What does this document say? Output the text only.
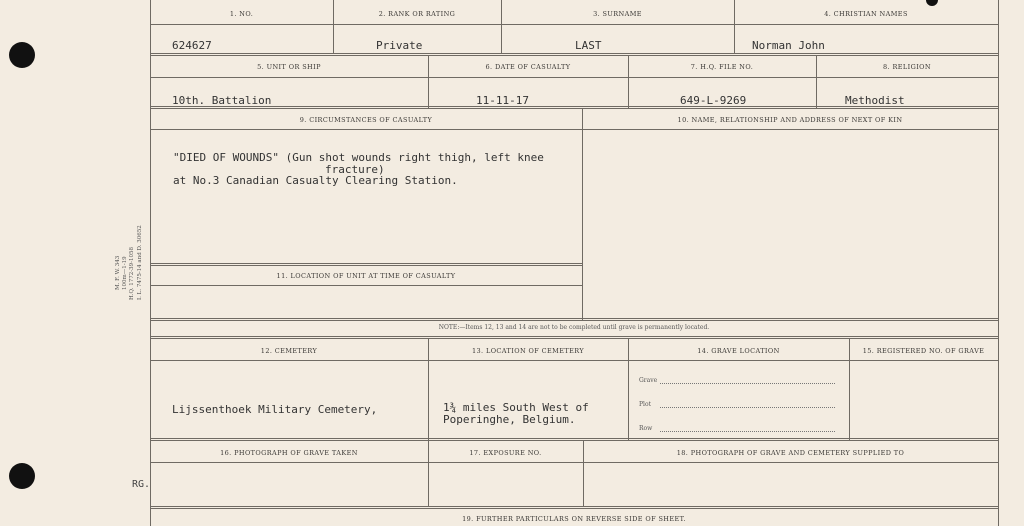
M. F. W. 343 100m—1-19 H.Q. 1772-39-1058 I. L. 7475-14 and D. 30652
RG.
1. NO.	2. RANK OR RATING	3. SURNAME	4. CHRISTIAN NAMES
624627	Private	LAST	Norman John
5. UNIT OR SHIP	6. DATE OF CASUALTY	7. H.Q. FILE NO.	8. RELIGION
10th. Battalion	11-11-17	649-L-9269	Methodist
9. CIRCUMSTANCES OF CASUALTY	10. NAME, RELATIONSHIP AND ADDRESS OF NEXT OF KIN
"DIED OF WOUNDS" (Gun shot wounds right thigh, left knee
fracture)
at No.3 Canadian Casualty Clearing Station.
11. LOCATION OF UNIT AT TIME OF CASUALTY
NOTE:—Items 12, 13 and 14 are not to be completed until grave is permanently located.
12. CEMETERY	13. LOCATION OF CEMETERY	14. GRAVE LOCATION	15. REGISTERED NO. OF GRAVE
Lijssenthoek Military Cemetery,	1¾ miles South West of
Poperinghe, Belgium.
Grave
Plot
Row
16. PHOTOGRAPH OF GRAVE TAKEN	17. EXPOSURE NO.	18. PHOTOGRAPH OF GRAVE AND CEMETERY SUPPLIED TO
19. FURTHER PARTICULARS ON REVERSE SIDE OF SHEET.
